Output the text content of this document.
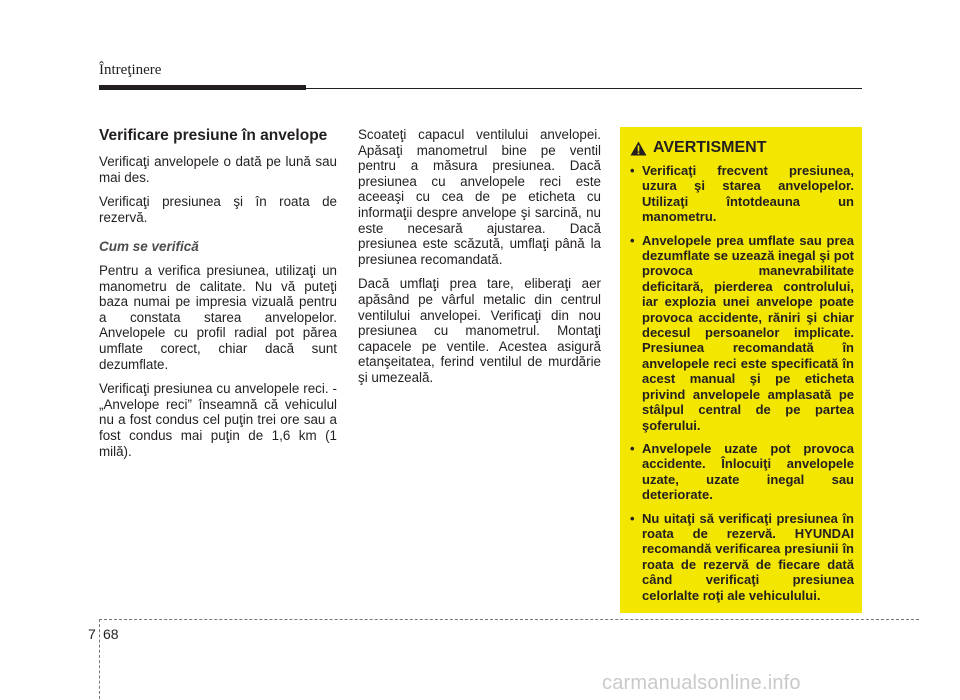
Întreţinere
Verificare presiune în anvelope

Verificaţi anvelopele o dată pe lună sau mai des.

Verificaţi presiunea şi în roata de rezervă.

Cum se verifică

Pentru a verifica presiunea, utilizaţi un manometru de calitate. Nu vă puteţi baza numai pe impresia vizuală pentru a constata starea anvelopelor. Anvelopele cu profil radial pot părea umflate corect, chiar dacă sunt dezumflate.

Verificaţi presiunea cu anvelopele reci. - „Anvelope reci” înseamnă că vehiculul nu a fost condus cel puţin trei ore sau a fost condus mai puţin de 1,6 km (1 milă).

Scoateţi capacul ventilului anvelopei. Apăsaţi manometrul bine pe ventil pentru a măsura presiunea. Dacă presiunea cu anvelopele reci este aceeaşi cu cea de pe eticheta cu informaţii despre anvelope şi sarcină, nu este necesară ajustarea. Dacă presiunea este scăzută, umflaţi până la presiunea recomandată.

Dacă umflaţi prea tare, eliberaţi aer apăsând pe vârful metalic din centrul ventilului anvelopei. Verificaţi din nou presiunea cu manometrul. Montaţi capacele pe ventile. Acestea asigură etanşeitatea, ferind ventilul de murdărie şi umezeală.

AVERTISMENT
• Verificaţi frecvent presiunea, uzura şi starea anvelopelor. Utilizaţi întotdeauna un manometru.
• Anvelopele prea umflate sau prea dezumflate se uzează inegal şi pot provoca manevrabilitate deficitară, pierderea controlului, iar explozia unei anvelope poate provoca accidente, răniri şi chiar decesul persoanelor implicate. Presiunea recomandată în anvelopele reci este specificată în acest manual şi pe eticheta privind anvelopele amplasată pe stâlpul central de pe partea şoferului.
• Anvelopele uzate pot provoca accidente. Înlocuiţi anvelopele uzate, uzate inegal sau deteriorate.
• Nu uitaţi să verificaţi presiunea în roata de rezervă. HYUNDAI recomandă verificarea presiunii în roata de rezervă de fiecare dată când verificaţi presiunea celorlalte roţi ale vehiculului.
7 68
carmanualsonline.info
